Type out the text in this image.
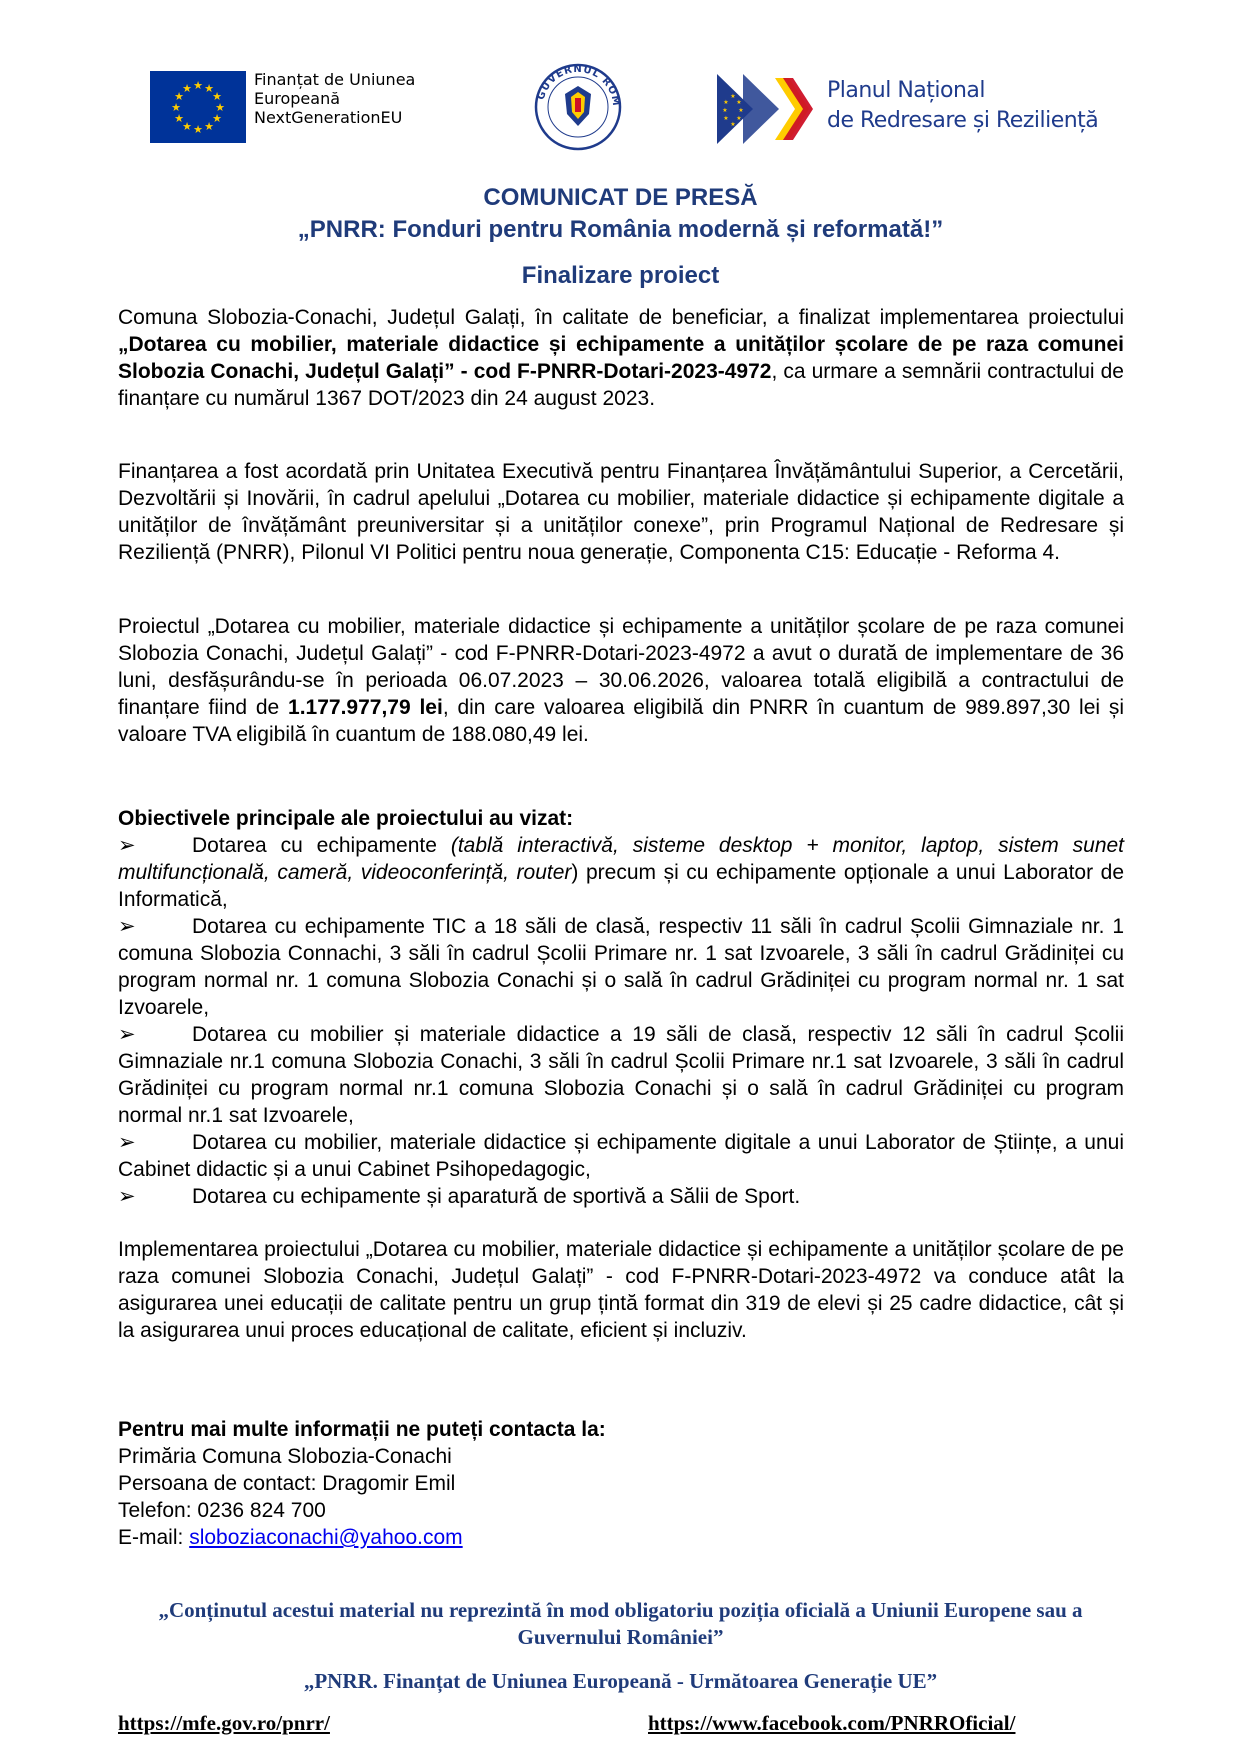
★ ★
★
★
★
★
★
★
★
★
★
★	Finanțat de Uniunea Europeană NextGenerationEU
GUVERNUL ROM	★
★
★
★
★
★
★
★	Planul Național
de Redresare și Reziliență
COMUNICAT DE PRESĂ
„PNRR: Fonduri pentru România modernă și reformată!”
Finalizare proiect

Comuna Slobozia-Conachi, Județul Galați, în calitate de beneficiar, a finalizat implementarea proiectului „Dotarea cu mobilier, materiale didactice și echipamente a unităților școlare de pe raza comunei Slobozia Conachi, Județul Galați” - cod F-PNRR-Dotari-2023-4972, ca urmare a semnării contractului de finanțare cu numărul 1367 DOT/2023 din 24 august 2023.

Finanțarea a fost acordată prin Unitatea Executivă pentru Finanțarea Învățământului Superior, a Cercetării, Dezvoltării și Inovării, în cadrul apelului „Dotarea cu mobilier, materiale didactice și echipamente digitale a unităților de învățământ preuniversitar și a unităților conexe”, prin Programul Național de Redresare și Reziliență (PNRR), Pilonul VI Politici pentru noua generație, Componenta C15: Educație - Reforma 4.

Proiectul „Dotarea cu mobilier, materiale didactice și echipamente a unităților școlare de pe raza comunei Slobozia Conachi, Județul Galați” - cod F-PNRR-Dotari-2023-4972 a avut o durată de implementare de 36 luni, desfășurându-se în perioada 06.07.2023 – 30.06.2026, valoarea totală eligibilă a contractului de finanțare fiind de 1.177.977,79 lei, din care valoarea eligibilă din PNRR în cuantum de 989.897,30 lei și valoare TVA eligibilă în cuantum de 188.080,49 lei.

Obiectivele principale ale proiectului au vizat:

➢	Dotarea cu echipamente (tablă interactivă, sisteme desktop + monitor, laptop, sistem sunet multifuncțională, cameră, videoconferință, router) precum și cu echipamente opționale a unui Laborator de Informatică,

➢	Dotarea cu echipamente TIC a 18 săli de clasă, respectiv 11 săli în cadrul Școlii Gimnaziale nr. 1 comuna Slobozia Connachi, 3 săli în cadrul Școlii Primare nr. 1 sat Izvoarele, 3 săli în cadrul Grădiniței cu program normal nr. 1 comuna Slobozia Conachi și o sală în cadrul Grădiniței cu program normal nr. 1 sat Izvoarele,

➢	Dotarea cu mobilier și materiale didactice a 19 săli de clasă, respectiv 12 săli în cadrul Școlii Gimnaziale nr.1 comuna Slobozia Conachi, 3 săli în cadrul Școlii Primare nr.1 sat Izvoarele, 3 săli în cadrul Grădiniței cu program normal nr.1 comuna Slobozia Conachi și o sală în cadrul Grădiniței cu program normal nr.1 sat Izvoarele,

➢	Dotarea cu mobilier, materiale didactice și echipamente digitale a unui Laborator de Științe, a unui Cabinet didactic și a unui Cabinet Psihopedagogic,

➢	Dotarea cu echipamente și aparatură de sportivă a Sălii de Sport.

Implementarea proiectului „Dotarea cu mobilier, materiale didactice și echipamente a unităților școlare de pe raza comunei Slobozia Conachi, Județul Galați” - cod F-PNRR-Dotari-2023-4972 va conduce atât la asigurarea unei educații de calitate pentru un grup țintă format din 319 de elevi și 25 cadre didactice, cât și la asigurarea unui proces educațional de calitate, eficient și incluziv.

Pentru mai multe informații ne puteți contacta la:
Primăria Comuna Slobozia-Conachi
Persoana de contact: Dragomir Emil
Telefon: 0236 824 700
E-mail: sloboziaconachi@yahoo.com
„Conținutul acestui material nu reprezintă în mod obligatoriu poziția oficială a Uniunii Europene sau a Guvernului României”
„PNRR. Finanțat de Uniunea Europeană - Următoarea Generație UE”
https://mfe.gov.ro/pnrr/	https://www.facebook.com/PNRROficial/
